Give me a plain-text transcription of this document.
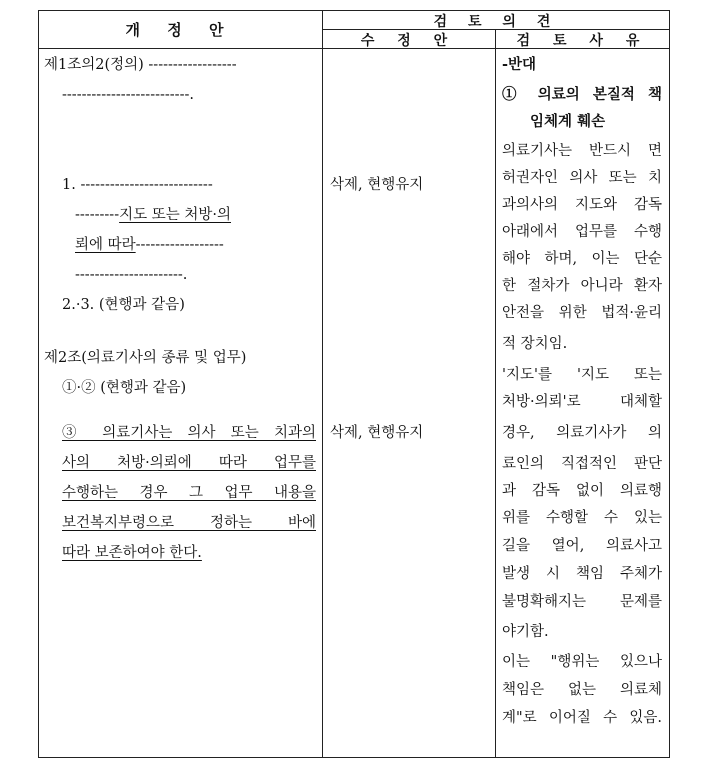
개 정 안	검 토 의 견
수 정 안	검 토 사 유
제1조의2(정의) ------------------
--------------------------.
1. ---------------------------
---------지도 또는 처방·의
뢰에 따라------------------
----------------------.
2.·3. (현행과 같음)
제2조(의료기사의 종류 및 업무)
①·② (현행과 같음)
③ 의료기사는 의사 또는 치과의
사의 처방·의뢰에 따라 업무를
수행하는 경우 그 업무 내용을
보건복지부령으로 정하는 바에
따라 보존하여야 한다.
삭제, 현행유지
삭제, 현행유지
-반대
① 의료의 본질적 책
임체계 훼손
의료기사는 반드시 면
허권자인 의사 또는 치
과의사의 지도와 감독
아래에서 업무를 수행
해야 하며, 이는 단순
한 절차가 아니라 환자
안전을 위한 법적·윤리
적 장치임.
'지도'를 '지도 또는
처방·의뢰'로 대체할
경우, 의료기사가 의
료인의 직접적인 판단
과 감독 없이 의료행
위를 수행할 수 있는
길을 열어, 의료사고
발생 시 책임 주체가
불명확해지는 문제를
야기함.
이는 "행위는 있으나
책임은 없는 의료체
계"로 이어질 수 있음.
